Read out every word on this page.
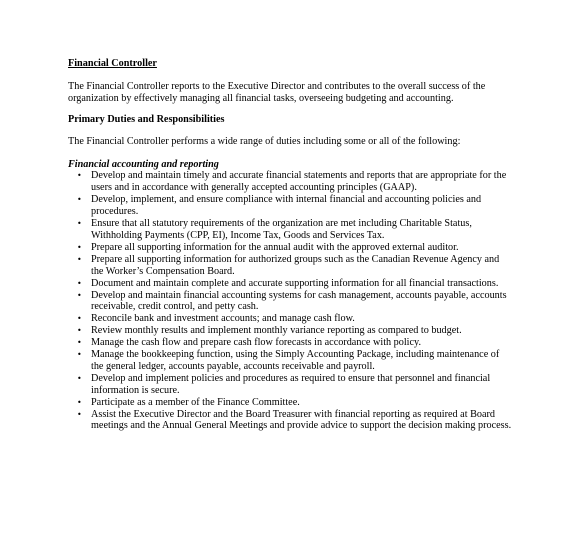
Financial Controller
The Financial Controller reports to the Executive Director and contributes to the overall success of the organization by effectively managing all financial tasks, overseeing budgeting and accounting.
Primary Duties and Responsibilities
The Financial Controller performs a wide range of duties including some or all of the following:
Financial accounting and reporting
• Develop and maintain timely and accurate financial statements and reports that are appropriate for the users and in accordance with generally accepted accounting principles (GAAP).
• Develop, implement, and ensure compliance with internal financial and accounting policies and procedures.
• Ensure that all statutory requirements of the organization are met including Charitable Status, Withholding Payments (CPP, EI), Income Tax, Goods and Services Tax.
• Prepare all supporting information for the annual audit with the approved external auditor.
• Prepare all supporting information for authorized groups such as the Canadian Revenue Agency and the Worker’s Compensation Board.
• Document and maintain complete and accurate supporting information for all financial transactions.
• Develop and maintain financial accounting systems for cash management, accounts payable, accounts receivable, credit control, and petty cash.
• Reconcile bank and investment accounts; and manage cash flow.
• Review monthly results and implement monthly variance reporting as compared to budget.
• Manage the cash flow and prepare cash flow forecasts in accordance with policy.
• Manage the bookkeeping function, using the Simply Accounting Package, including maintenance of the general ledger, accounts payable, accounts receivable and payroll.
• Develop and implement policies and procedures as required to ensure that personnel and financial information is secure.
• Participate as a member of the Finance Committee.
• Assist the Executive Director and the Board Treasurer with financial reporting as required at Board meetings and the Annual General Meetings and provide advice to support the decision making process.
